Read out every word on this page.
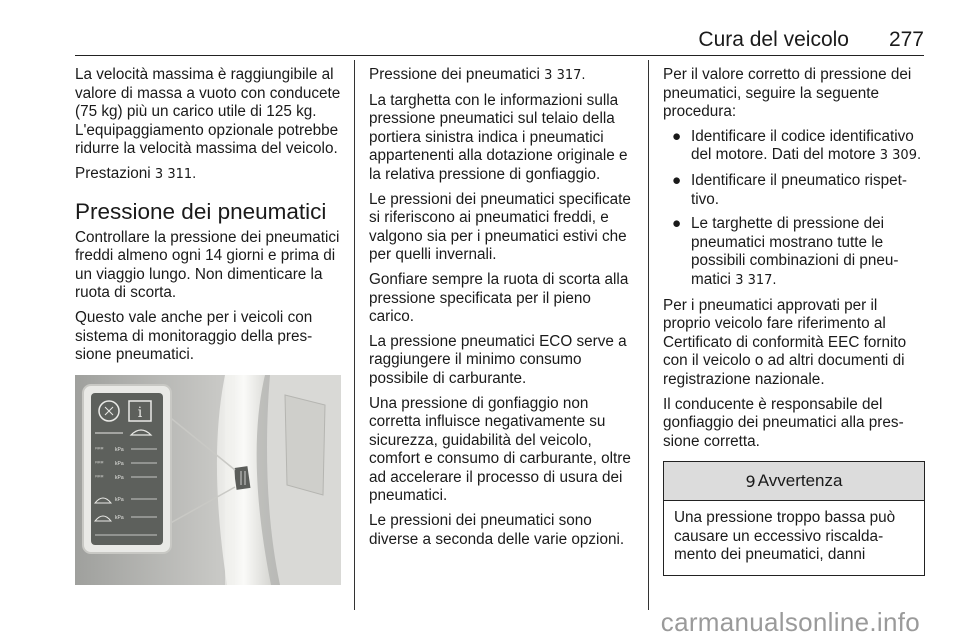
Cura del veicolo 277

La velocità massima è raggiungibile al valore di massa a vuoto con conducete (75 kg) più un carico utile di 125 kg. L'equipaggiamento opzionale potrebbe ridurre la velocità massima del veicolo.

Prestazioni 3 311.

Pressione dei pneumatici

Controllare la pressione dei pneumatici freddi almeno ogni 14 giorni e prima di un viaggio lungo. Non dimenticare la ruota di scorta.

Questo vale anche per i veicoli con sistema di monitoraggio della pressione pneumatici.

i
ꟸꟸꟸ kPa
ꟸꟸꟸ kPa
ꟸꟸꟸ kPa
kPa
kPa

Pressione dei pneumatici 3 317.

La targhetta con le informazioni sulla pressione pneumatici sul telaio della portiera sinistra indica i pneumatici appartenenti alla dotazione originale e la relativa pressione di gonfiaggio.

Le pressioni dei pneumatici specificate si riferiscono ai pneumatici freddi, e valgono sia per i pneumatici estivi che per quelli invernali.

Gonfiare sempre la ruota di scorta alla pressione specificata per il pieno carico.

La pressione pneumatici ECO serve a raggiungere il minimo consumo possibile di carburante.

Una pressione di gonfiaggio non corretta influisce negativamente su sicurezza, guidabilità del veicolo, comfort e consumo di carburante, oltre ad accelerare il processo di usura dei pneumatici.

Le pressioni dei pneumatici sono diverse a seconda delle varie opzioni.

Per il valore corretto di pressione dei pneumatici, seguire la seguente procedura:

● Identificare il codice identificativo del motore. Dati del motore 3 309.
● Identificare il pneumatico rispettivo.
● Le targhette di pressione dei pneumatici mostrano tutte le possibili combinazioni di pneumatici 3 317.

Per i pneumatici approvati per il proprio veicolo fare riferimento al Certificato di conformità EEC fornito con il veicolo o ad altri documenti di registrazione nazionale.

Il conducente è responsabile del gonfiaggio dei pneumatici alla pressione corretta.

9 Avvertenza

Una pressione troppo bassa può causare un eccessivo riscaldamento dei pneumatici, danni

carmanualsonline.info
